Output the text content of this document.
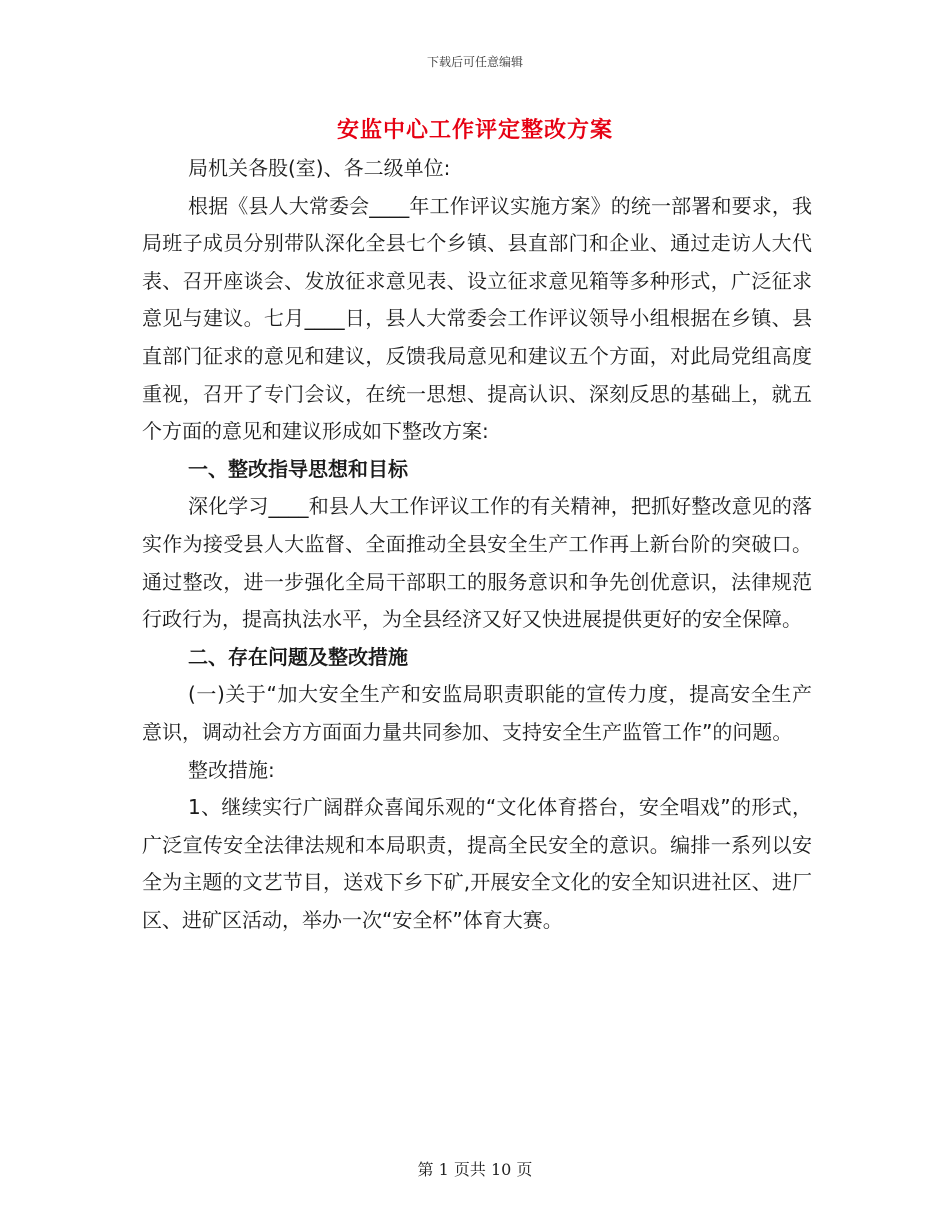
下载后可任意编辑
安监中心工作评定整改方案

局机关各股(室)、各二级单位:

根据《县人大常委会____年工作评议实施方案》的统一部署和要求，我局班子成员分别带队深化全县七个乡镇、县直部门和企业、通过走访人大代表、召开座谈会、发放征求意见表、设立征求意见箱等多种形式，广泛征求意见与建议。七月____日，县人大常委会工作评议领导小组根据在乡镇、县直部门征求的意见和建议，反馈我局意见和建议五个方面，对此局党组高度重视，召开了专门会议，在统一思想、提高认识、深刻反思的基础上，就五个方面的意见和建议形成如下整改方案:

一、整改指导思想和目标

深化学习____和县人大工作评议工作的有关精神，把抓好整改意见的落实作为接受县人大监督、全面推动全县安全生产工作再上新台阶的突破口。通过整改，进一步强化全局干部职工的服务意识和争先创优意识，法律规范行政行为，提高执法水平，为全县经济又好又快进展提供更好的安全保障。

二、存在问题及整改措施

(一)关于“加大安全生产和安监局职责职能的宣传力度，提高安全生产意识，调动社会方方面面力量共同参加、支持安全生产监管工作”的问题。

整改措施:

1、继续实行广阔群众喜闻乐观的“文化体育搭台，安全唱戏”的形式，广泛宣传安全法律法规和本局职责，提高全民安全的意识。编排一系列以安全为主题的文艺节目，送戏下乡下矿,开展安全文化的安全知识进社区、进厂区、进矿区活动，举办一次“安全杯”体育大赛。

第 1 页共 10 页
